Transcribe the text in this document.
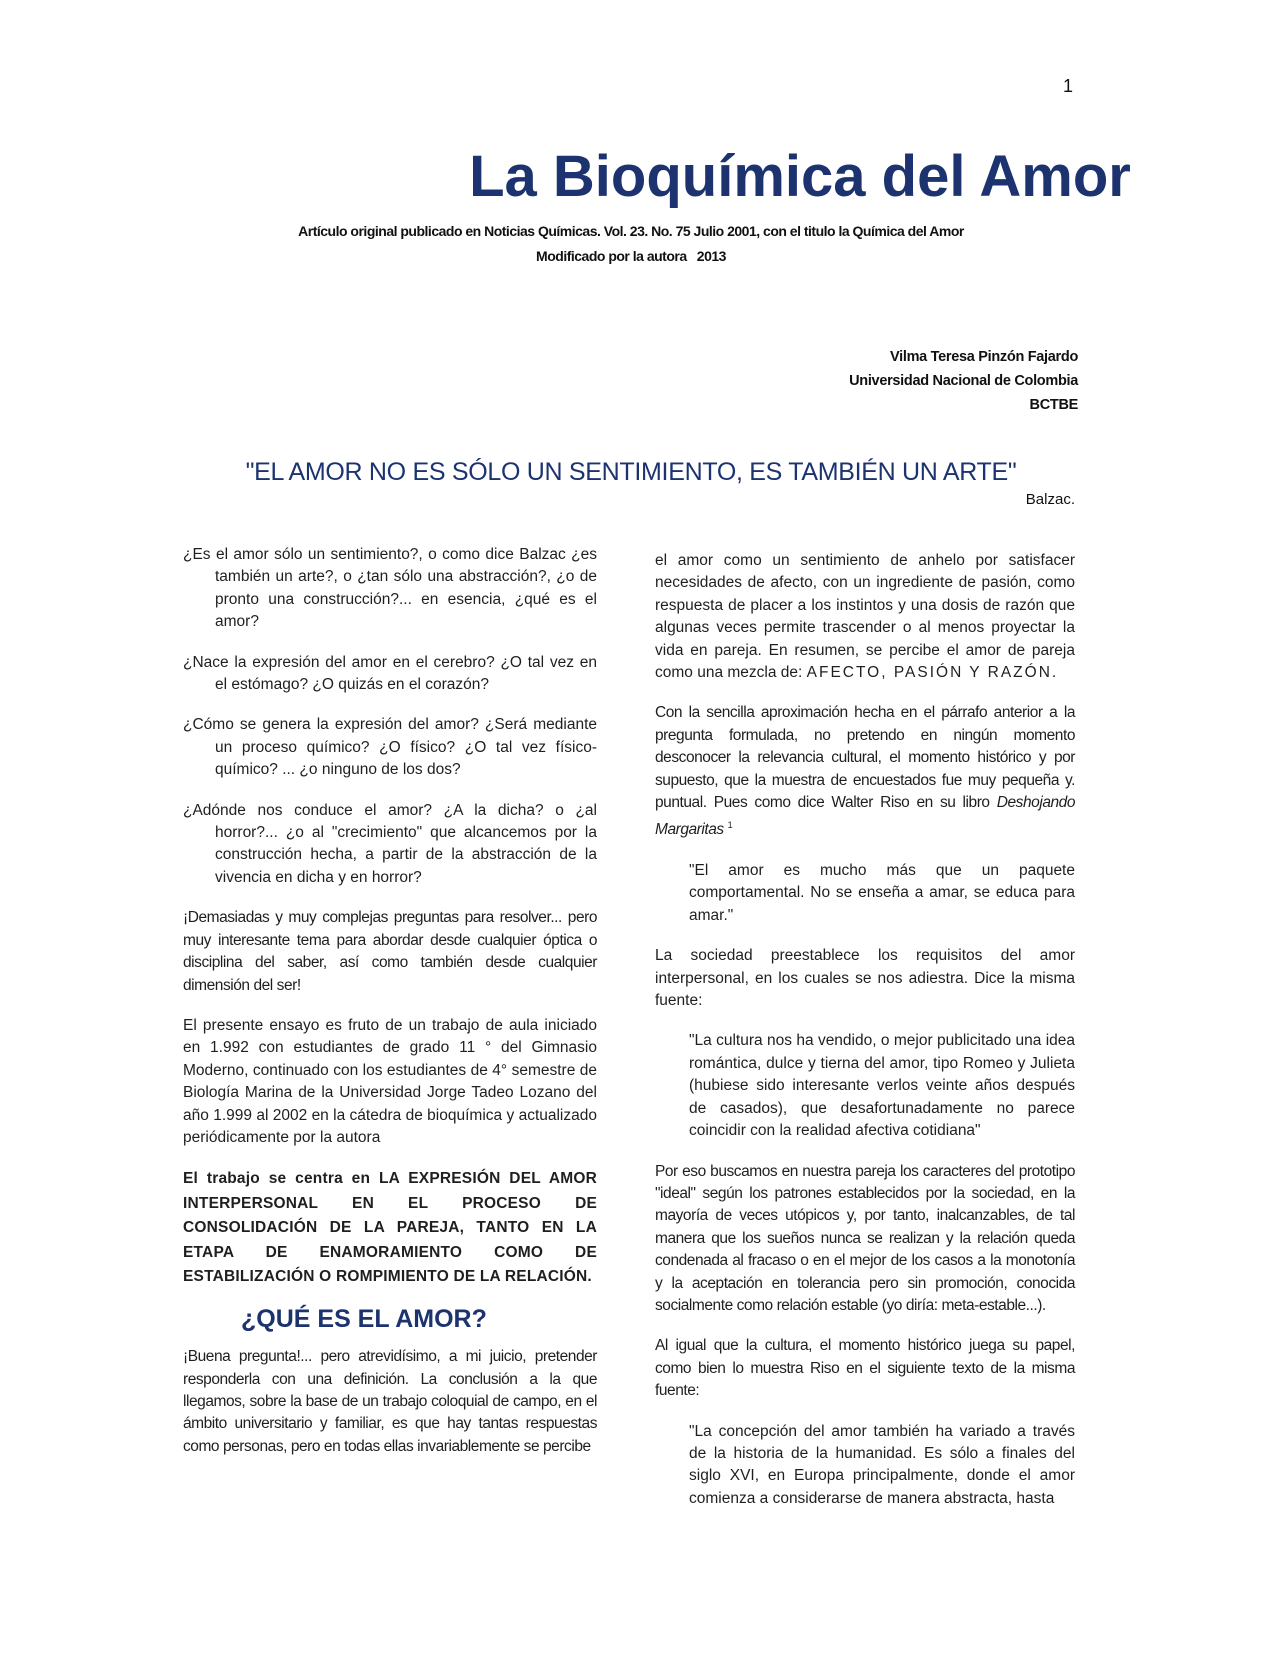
1
La Bioquímica del Amor
Artículo original publicado en Noticias Químicas. Vol. 23. No. 75 Julio 2001, con el titulo la Química del Amor
Modificado por la autora   2013
Vilma Teresa Pinzón Fajardo
Universidad Nacional de Colombia
BCTBE
"EL AMOR NO ES SÓLO UN SENTIMIENTO, ES TAMBIÉN UN ARTE"
Balzac.

¿Es el amor sólo un sentimiento?, o como dice Balzac ¿es también un arte?, o ¿tan sólo una abstracción?, ¿o de pronto una construcción?... en esencia, ¿qué es el amor?

¿Nace la expresión del amor en el cerebro? ¿O tal vez en el estómago? ¿O quizás en el corazón?

¿Cómo se genera la expresión del amor? ¿Será mediante un proceso químico? ¿O físico? ¿O tal vez físico-químico? ... ¿o ninguno de los dos?

¿Adónde nos conduce el amor? ¿A la dicha? o ¿al horror?... ¿o al "crecimiento" que alcancemos por la construcción hecha, a partir de la abstracción de la vivencia en dicha y en horror?

¡Demasiadas y muy complejas preguntas para resolver... pero muy interesante tema para abordar desde cualquier óptica o disciplina del saber, así como también desde cualquier dimensión del ser!

El presente ensayo es fruto de un trabajo de aula iniciado en 1.992 con estudiantes de grado 11 ° del Gimnasio Moderno, continuado con los estudiantes de 4° semestre de Biología Marina de la Universidad Jorge Tadeo Lozano del año 1.999 al 2002 en la cátedra de bioquímica y actualizado periódicamente por la autora

El trabajo se centra en LA EXPRESIÓN DEL AMOR INTERPERSONAL EN EL PROCESO DE CONSOLIDACIÓN DE LA PAREJA, TANTO EN LA ETAPA DE ENAMORAMIENTO COMO DE ESTABILIZACIÓN O ROMPIMIENTO DE LA RELACIÓN.

¿QUÉ ES EL AMOR?

¡Buena pregunta!... pero atrevidísimo, a mi juicio, pretender responderla con una definición. La conclusión a la que llegamos, sobre la base de un trabajo coloquial de campo, en el ámbito universitario y familiar, es que hay tantas respuestas como personas, pero en todas ellas invariablemente se percibe

el amor como un sentimiento de anhelo por satisfacer necesidades de afecto, con un ingrediente de pasión, como respuesta de placer a los instintos y una dosis de razón que algunas veces permite trascender o al menos proyectar la vida en pareja. En resumen, se percibe el amor de pareja como una mezcla de: AFECTO, PASIÓN Y RAZÓN.

Con la sencilla aproximación hecha en el párrafo anterior a la pregunta formulada, no pretendo en ningún momento desconocer la relevancia cultural, el momento histórico y por supuesto, que la muestra de encuestados fue muy pequeña y. puntual. Pues como dice Walter Riso en su libro Deshojando Margaritas $^1$

"El amor es mucho más que un paquete comportamental. No se enseña a amar, se educa para amar."

La sociedad preestablece los requisitos del amor interpersonal, en los cuales se nos adiestra. Dice la misma fuente:

"La cultura nos ha vendido, o mejor publicitado una idea romántica, dulce y tierna del amor, tipo Romeo y Julieta (hubiese sido interesante verlos veinte años después de casados), que desafortunadamente no parece coincidir con la realidad afectiva cotidiana"

Por eso buscamos en nuestra pareja los caracteres del prototipo "ideal" según los patrones establecidos por la sociedad, en la mayoría de veces utópicos y, por tanto, inalcanzables, de tal manera que los sueños nunca se realizan y la relación queda condenada al fracaso o en el mejor de los casos a la monotonía y la aceptación en tolerancia pero sin promoción, conocida socialmente como relación estable (yo diría: meta-estable...).

Al igual que la cultura, el momento histórico juega su papel, como bien lo muestra Riso en el siguiente texto de la misma fuente:

"La concepción del amor también ha variado a través de la historia de la humanidad. Es sólo a finales del siglo XVI, en Europa principalmente, donde el amor comienza a considerarse de manera abstracta, hasta
